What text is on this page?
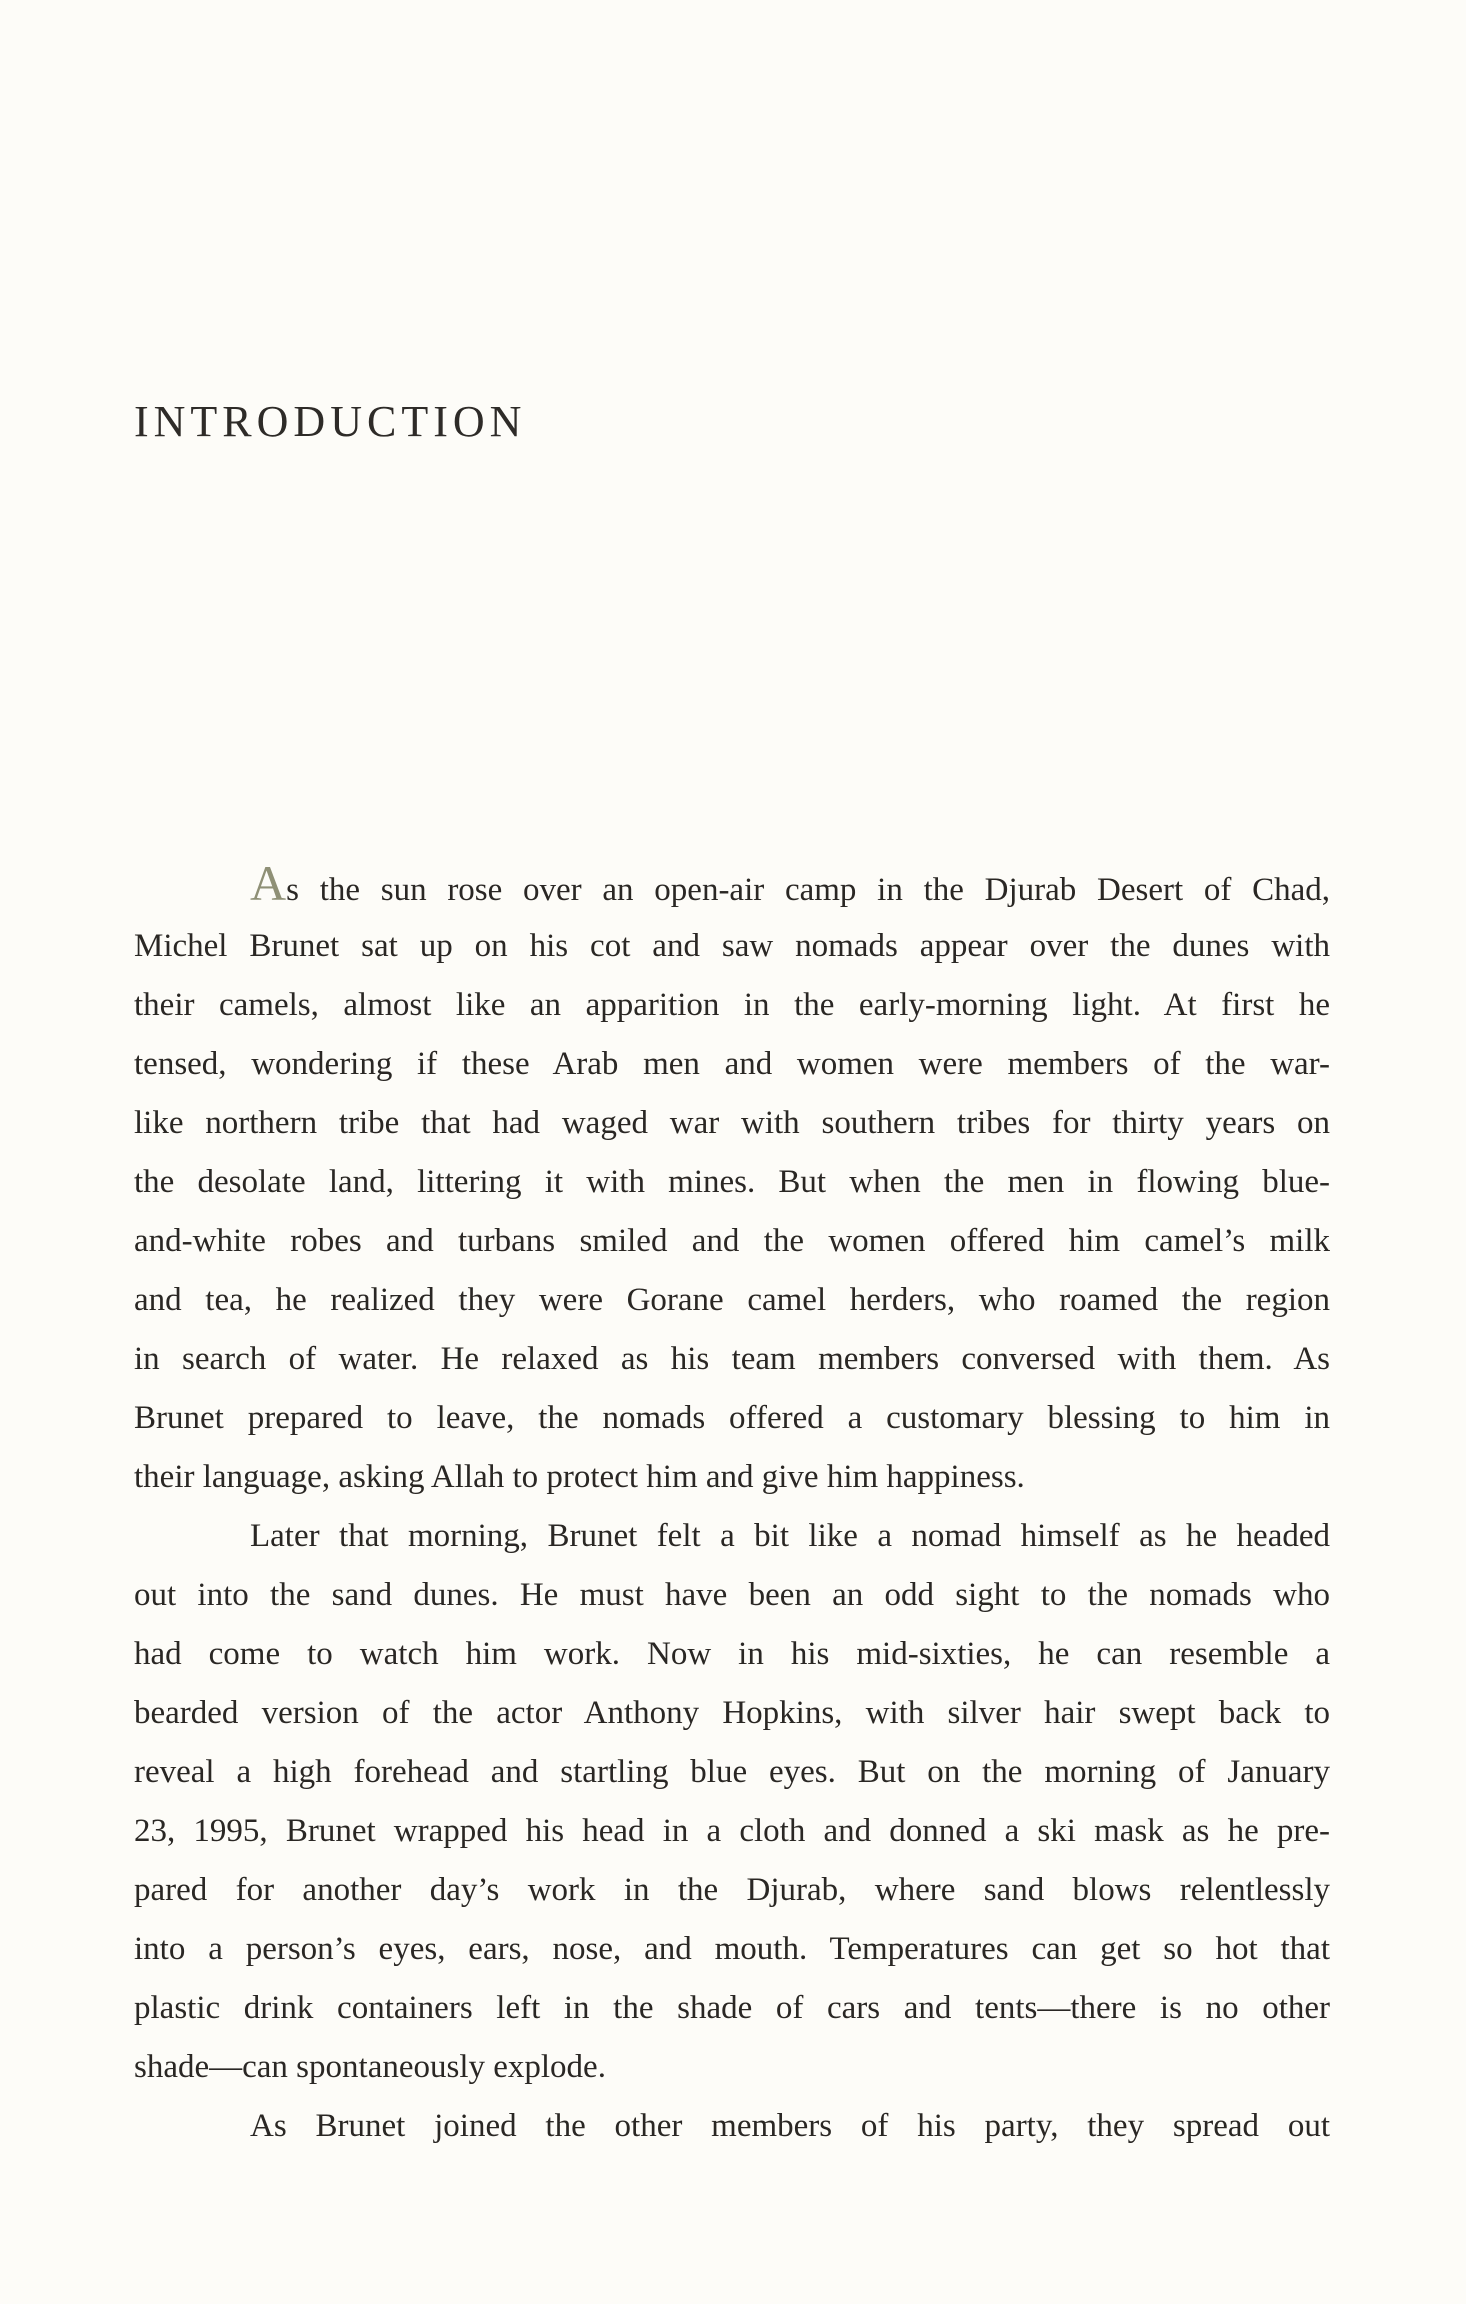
INTRODUCTION
As the sun rose over an open-air camp in the Djurab Desert of Chad,
Michel Brunet sat up on his cot and saw nomads appear over the dunes with
their camels, almost like an apparition in the early-morning light. At first he
tensed, wondering if these Arab men and women were members of the war-
like northern tribe that had waged war with southern tribes for thirty years on
the desolate land, littering it with mines. But when the men in flowing blue-
and-white robes and turbans smiled and the women offered him camel’s milk
and tea, he realized they were Gorane camel herders, who roamed the region
in search of water. He relaxed as his team members conversed with them. As
Brunet prepared to leave, the nomads offered a customary blessing to him in
their language, asking Allah to protect him and give him happiness.
Later that morning, Brunet felt a bit like a nomad himself as he headed
out into the sand dunes. He must have been an odd sight to the nomads who
had come to watch him work. Now in his mid-sixties, he can resemble a
bearded version of the actor Anthony Hopkins, with silver hair swept back to
reveal a high forehead and startling blue eyes. But on the morning of January
23, 1995, Brunet wrapped his head in a cloth and donned a ski mask as he pre-
pared for another day’s work in the Djurab, where sand blows relentlessly
into a person’s eyes, ears, nose, and mouth. Temperatures can get so hot that
plastic drink containers left in the shade of cars and tents—there is no other
shade—can spontaneously explode.
As Brunet joined the other members of his party, they spread out
